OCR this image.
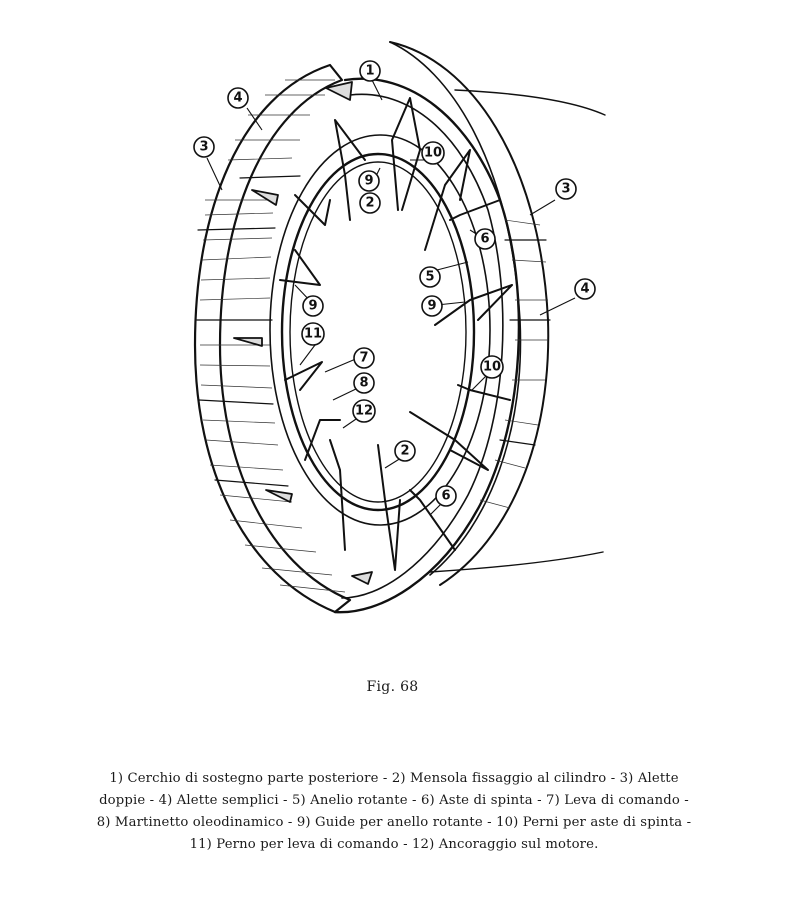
1
4
3
9
10
2
3
6
5
4
9
9
11
7
10
8
12
2
6
Fig. 68
1) Cerchio di sostegno parte posteriore - 2) Mensola fissaggio al cilindro - 3) Alette
doppie - 4) Alette semplici - 5) Anelio rotante - 6) Aste di spinta - 7) Leva di comando -
8) Martinetto oleodinamico - 9) Guide per anello rotante - 10) Perni per aste di spinta -
11) Perno per leva di comando - 12) Ancoraggio sul motore.
